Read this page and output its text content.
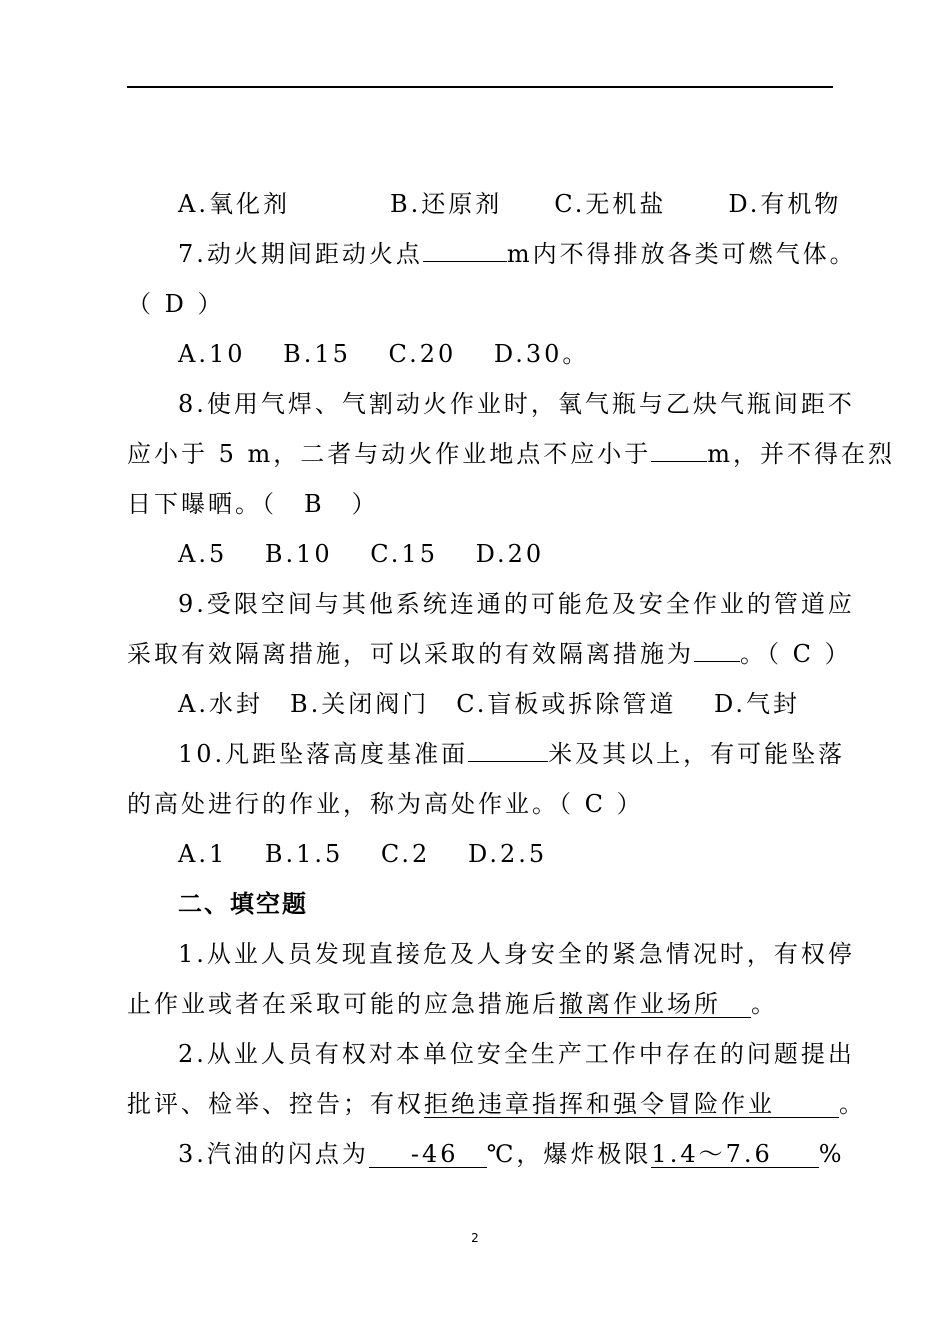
A.氧化剂	B.还原剂 C.无机盐	D.有机物
7.动火期间距动火点	m内不得排放各类可燃气体。
（ D ）
A.10　 B.15　 C.20　 D.30。
8.使用气焊、气割动火作业时，氧气瓶与乙炔气瓶间距不
应小于 5 m，二者与动火作业地点不应小于 m，并不得在烈
日下曝晒。（　B　）
A.5　 B.10　 C.15　 D.20
9.受限空间与其他系统连通的可能危及安全作业的管道应
采取有效隔离措施，可以采取的有效隔离措施为 。（ C ）
A.水封　B.关闭阀门　C.盲板或拆除管道　 D.气封
10.凡距坠落高度基准面	米及其以上，有可能坠落
的高处进行的作业，称为高处作业。（ C ）
A.1　 B.1.5　 C.2　 D.2.5
二、填空题
1.从业人员发现直接危及人身安全的紧急情况时，有权停
止作业或者在采取可能的应急措施后撤离作业场所 。
2.从业人员有权对本单位安全生产工作中存在的问题提出
批评、检举、控告；有权拒绝违章指挥和强令冒险作业	。
3.汽油的闪点为 -46 ℃，爆炸极限1.4～7.6 %
2
